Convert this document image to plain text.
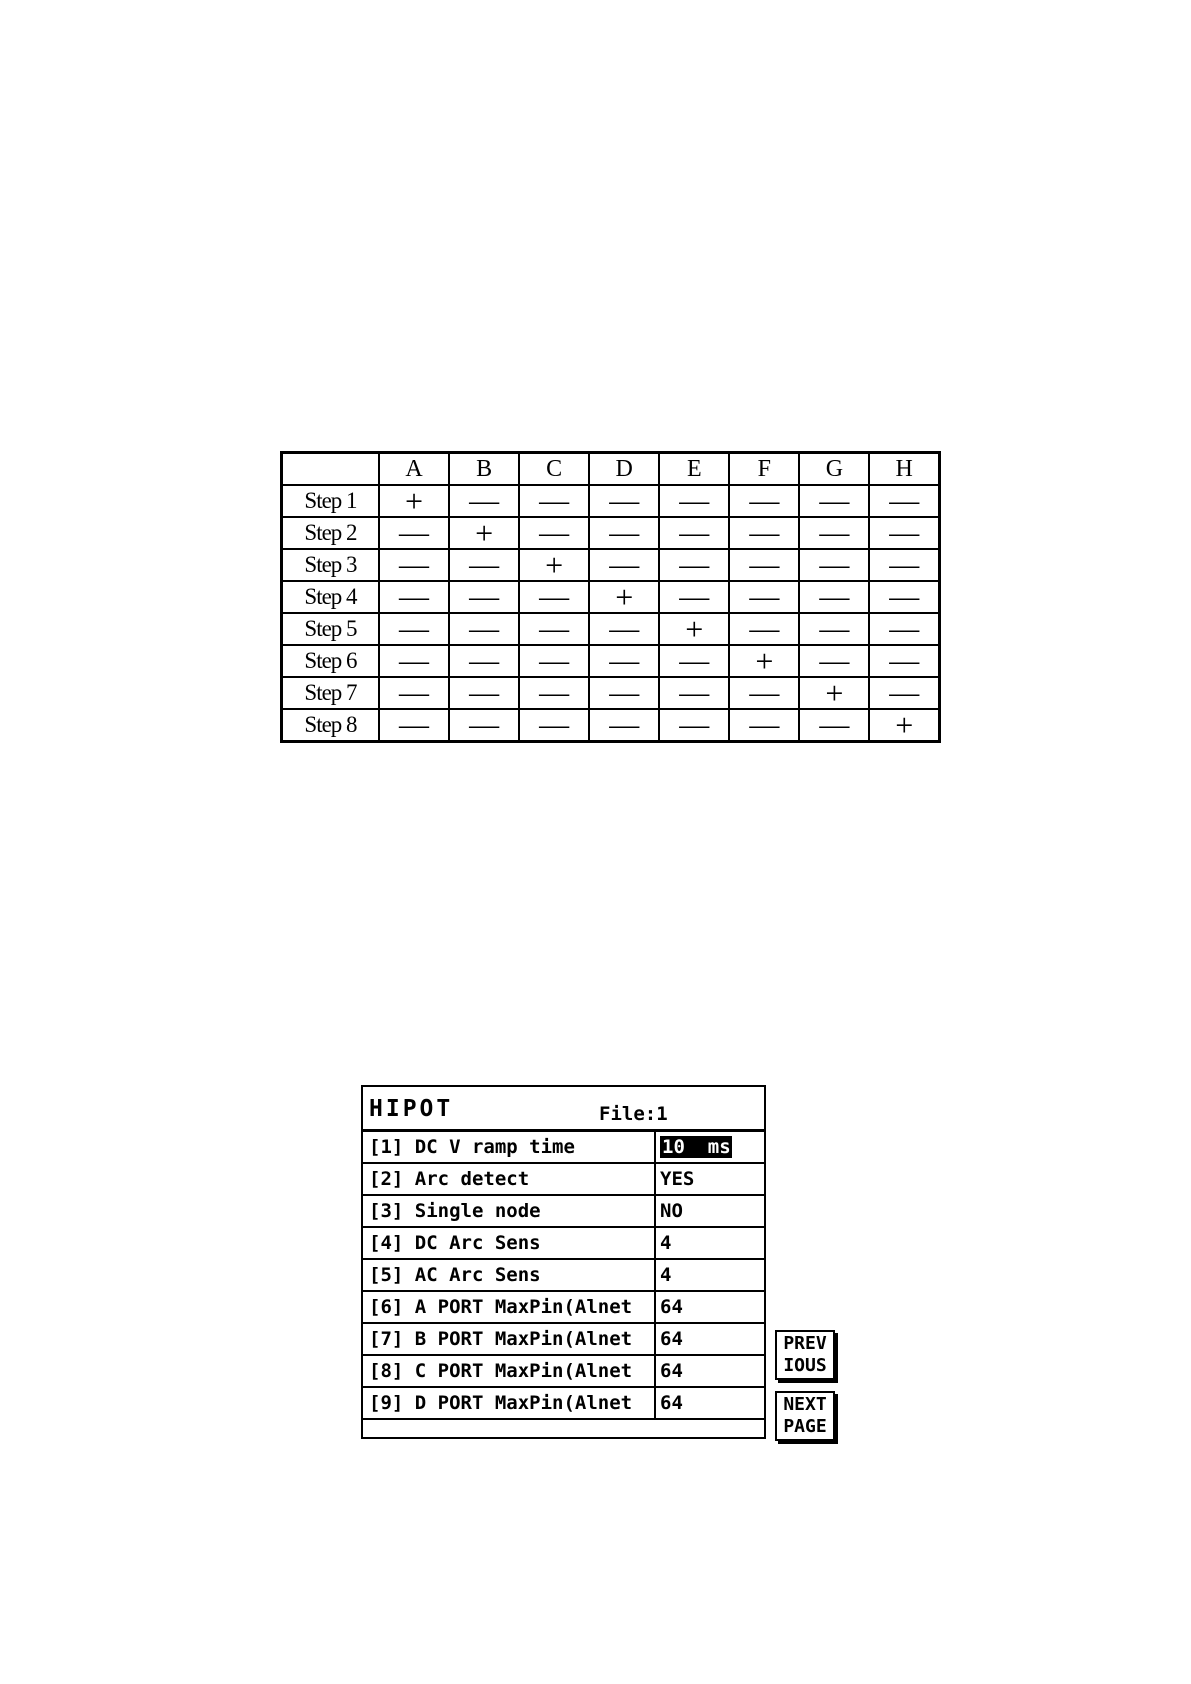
	A	B	C	D	E	F	G	H
Step 1	+	—	—	—	—	—	—	—
Step 2	—	+	—	—	—	—	—	—
Step 3	—	—	+	—	—	—	—	—
Step 4	—	—	—	+	—	—	—	—
Step 5	—	—	—	—	+	—	—	—
Step 6	—	—	—	—	—	+	—	—
Step 7	—	—	—	—	—	—	+	—
Step 8	—	—	—	—	—	—	—	+
HIPOT	File:1
[1] DC V ramp time	10  ms
[2] Arc detect	YES
[3] Single node	NO
[4] DC Arc Sens	4
[5] AC Arc Sens	4
[6] A PORT MaxPin(Alnet	64
[7] B PORT MaxPin(Alnet	64
[8] C PORT MaxPin(Alnet	64
[9] D PORT MaxPin(Alnet	64
PREV
IOUS
NEXT
PAGE
